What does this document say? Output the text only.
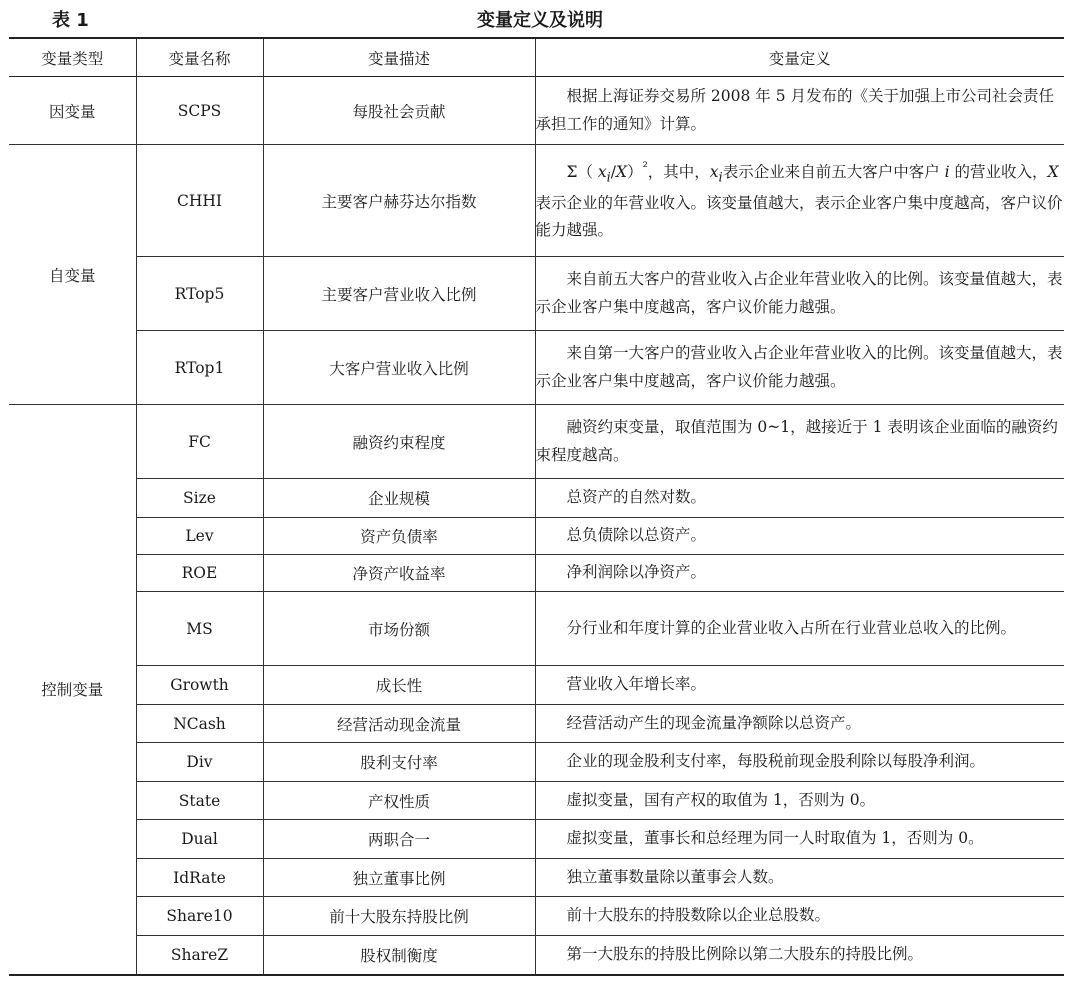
表 1	变量定义及说明
变量类型	变量名称	变量描述	变量定义
因变量	SCPS	每股社会贡献	根据上海证券交易所 2008 年 5 月发布的《关于加强上市公司社会责任承担工作的通知》计算。
自变量	CHHI	主要客户赫芬达尔指数	Σ（ $x_i/X)^{^2}$，其中，$x_i$表示企业来自前五大客户中客户 i 的营业收入，X 表示企业的年营业收入。该变量值越大，表示企业客户集中度越高，客户议价能力越强。
	RTop5	主要客户营业收入比例	来自前五大客户的营业收入占企业年营业收入的比例。该变量值越大，表示企业客户集中度越高，客户议价能力越强。
	RTop1	大客户营业收入比例	来自第一大客户的营业收入占企业年营业收入的比例。该变量值越大，表示企业客户集中度越高，客户议价能力越强。
控制变量	FC	融资约束程度	融资约束变量，取值范围为 0~1，越接近于 1 表明该企业面临的融资约束程度越高。
	Size	企业规模	总资产的自然对数。
	Lev	资产负债率	总负债除以总资产。
	ROE	净资产收益率	净利润除以净资产。
	MS	市场份额	分行业和年度计算的企业营业收入占所在行业营业总收入的比例。
	Growth	成长性	营业收入年增长率。
	NCash	经营活动现金流量	经营活动产生的现金流量净额除以总资产。
	Div	股利支付率	企业的现金股利支付率，每股税前现金股利除以每股净利润。
	State	产权性质	虚拟变量，国有产权的取值为 1，否则为 0。
	Dual	两职合一	虚拟变量，董事长和总经理为同一人时取值为 1，否则为 0。
	IdRate	独立董事比例	独立董事数量除以董事会人数。
	Share10	前十大股东持股比例	前十大股东的持股数除以企业总股数。
	ShareZ	股权制衡度	第一大股东的持股比例除以第二大股东的持股比例。
